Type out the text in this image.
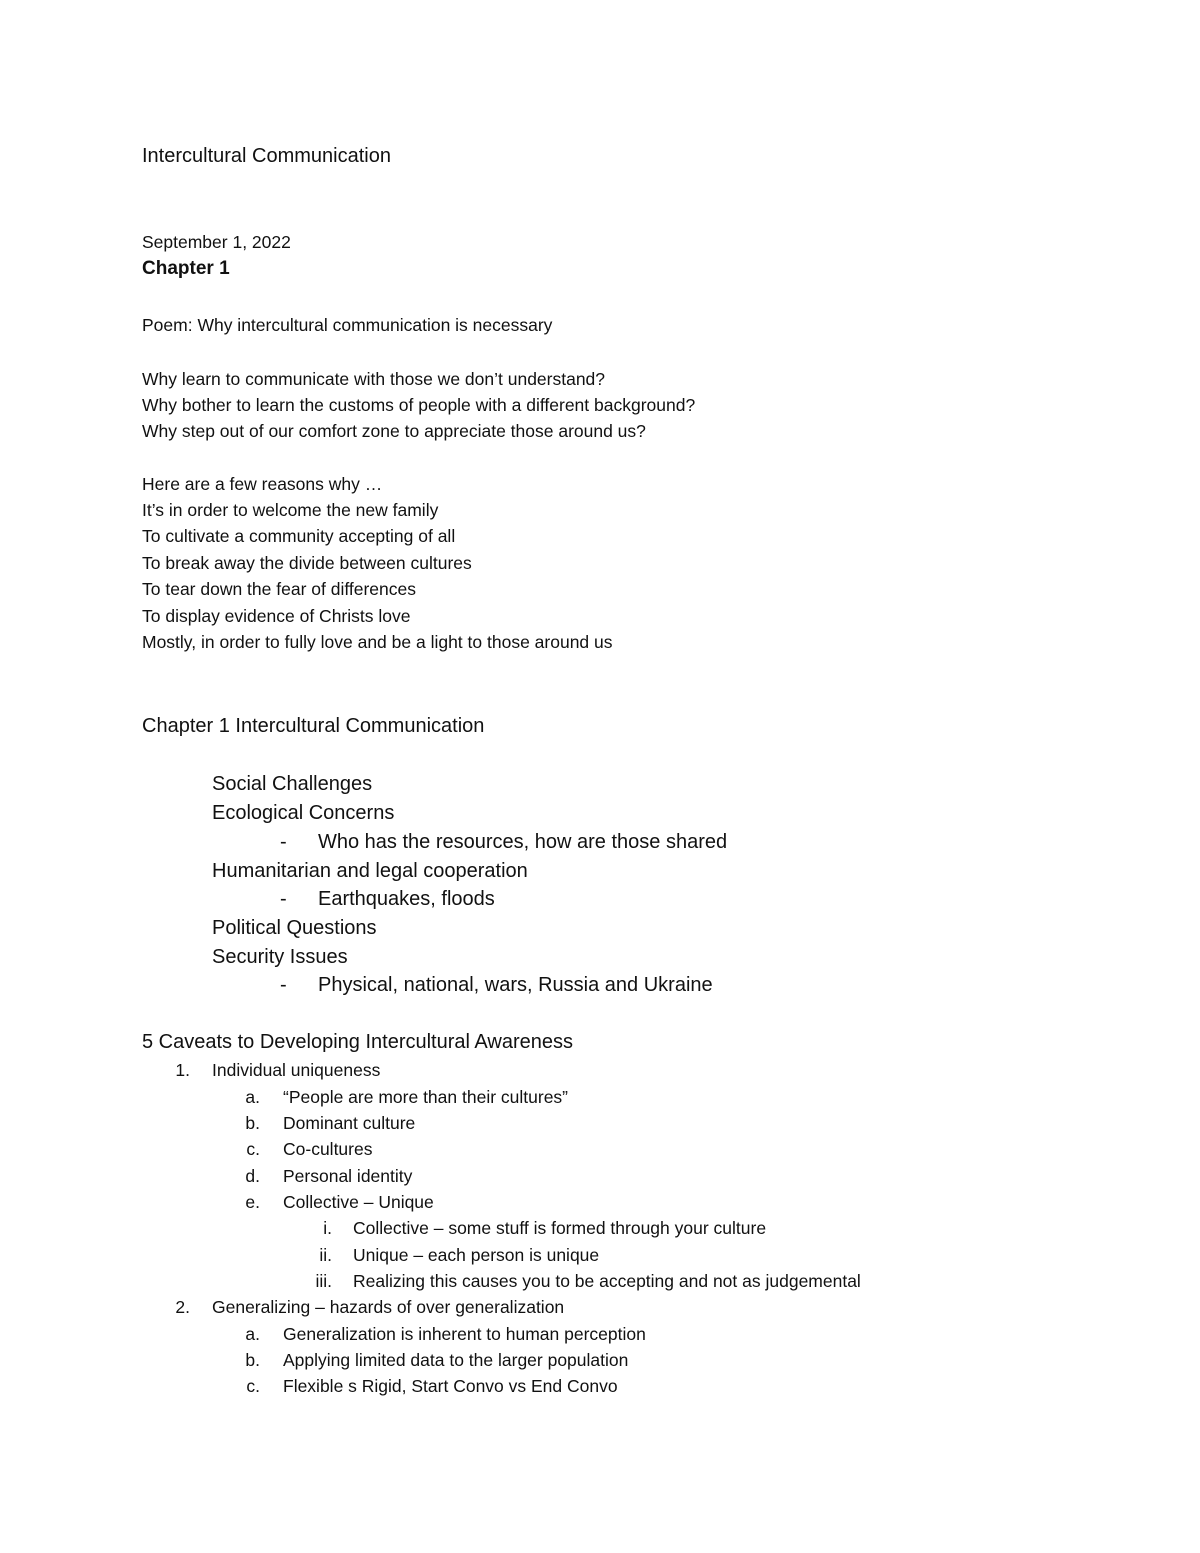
Intercultural Communication
September 1, 2022
Chapter 1
Poem: Why intercultural communication is necessary
Why learn to communicate with those we don’t understand?
Why bother to learn the customs of people with a different background?
Why step out of our comfort zone to appreciate those around us?
Here are a few reasons why …
It’s in order to welcome the new family
To cultivate a community accepting of all
To break away the divide between cultures
To tear down the fear of differences
To display evidence of Christs love
Mostly, in order to fully love and be a light to those around us
Chapter 1 Intercultural Communication
Social Challenges
Ecological Concerns
- Who has the resources, how are those shared
Humanitarian and legal cooperation
- Earthquakes, floods
Political Questions
Security Issues
- Physical, national, wars, Russia and Ukraine
5 Caveats to Developing Intercultural Awareness
1. Individual uniqueness
a. “People are more than their cultures”
b. Dominant culture
c. Co-cultures
d. Personal identity
e. Collective – Unique
i. Collective – some stuff is formed through your culture
ii. Unique – each person is unique
iii. Realizing this causes you to be accepting and not as judgemental
2. Generalizing – hazards of over generalization
a. Generalization is inherent to human perception
b. Applying limited data to the larger population
c. Flexible s Rigid, Start Convo vs End Convo
